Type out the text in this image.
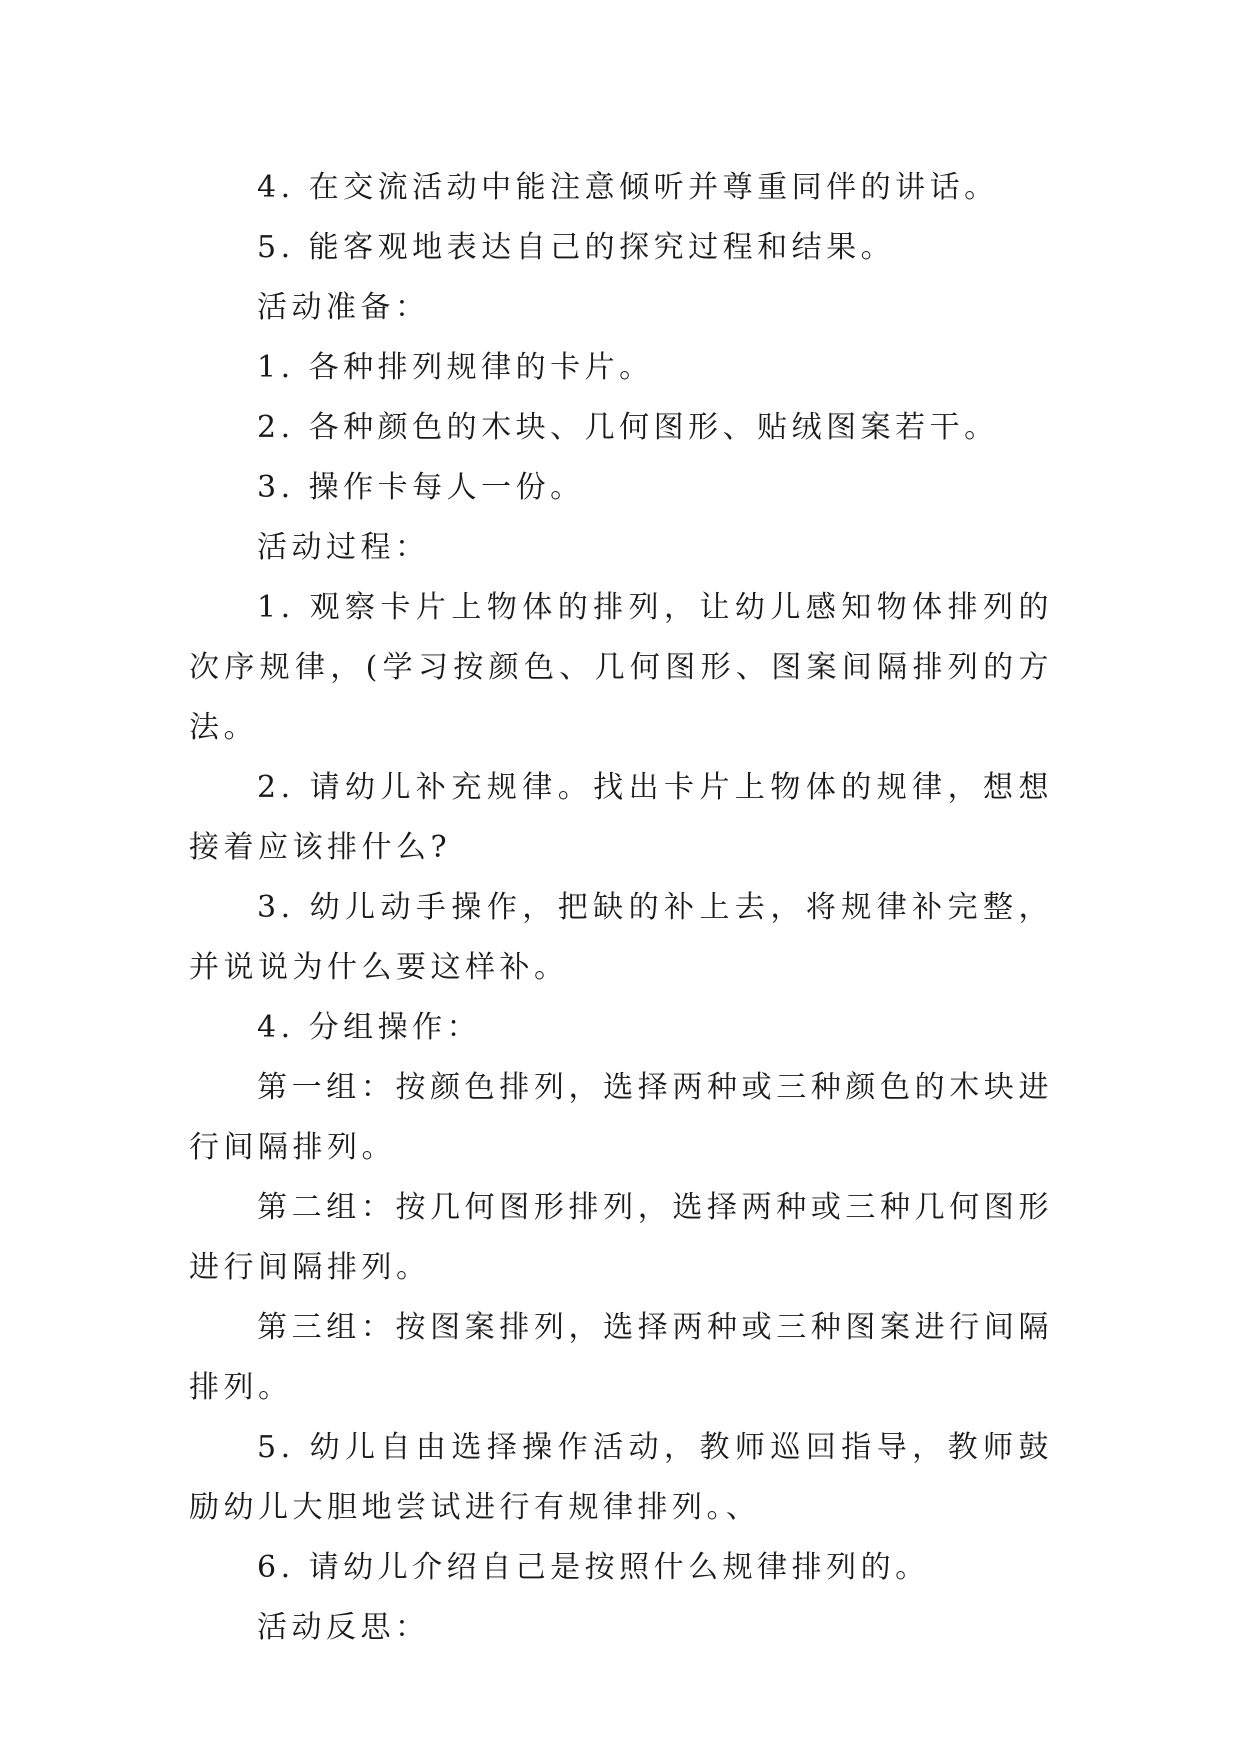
4. 在交流活动中能注意倾听并尊重同伴的讲话。

5. 能客观地表达自己的探究过程和结果。

活动准备：

1. 各种排列规律的卡片。

2. 各种颜色的木块、几何图形、贴绒图案若干。

3. 操作卡每人一份。

活动过程：

1. 观察卡片上物体的排列，让幼儿感知物体排列的次序规律，(学习按颜色、几何图形、图案间隔排列的方法。

2. 请幼儿补充规律。找出卡片上物体的规律，想想接着应该排什么?

3. 幼儿动手操作，把缺的补上去，将规律补完整，并说说为什么要这样补。

4. 分组操作：

第一组：按颜色排列，选择两种或三种颜色的木块进行间隔排列。

第二组：按几何图形排列，选择两种或三种几何图形进行间隔排列。

第三组：按图案排列，选择两种或三种图案进行间隔排列。

5. 幼儿自由选择操作活动，教师巡回指导，教师鼓励幼儿大胆地尝试进行有规律排列。、

6. 请幼儿介绍自己是按照什么规律排列的。

活动反思：
